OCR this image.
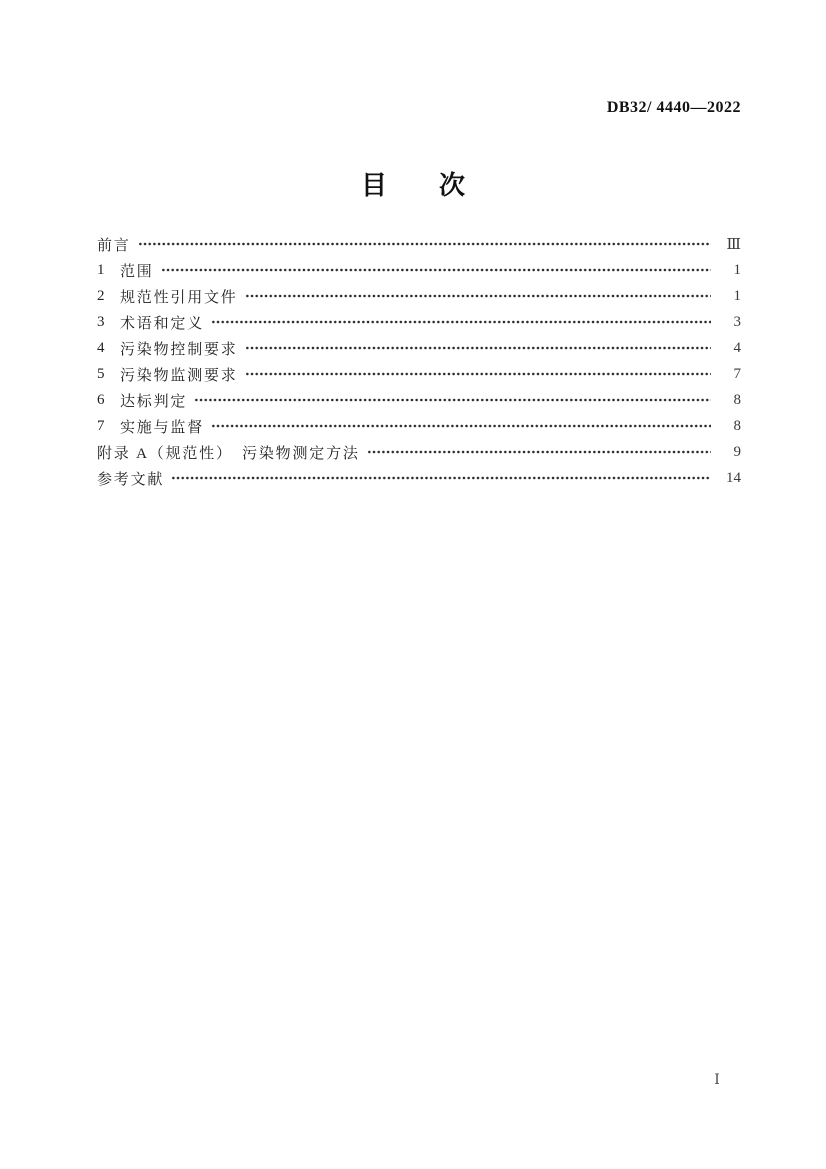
DB32/ 4440—2022
目　　次
前言	Ⅲ
1	范围	1
2	规范性引用文件	1
3	术语和定义	3
4	污染物控制要求	4
5	污染物监测要求	7
6	达标判定	8
7	实施与监督	8
附录 A（规范性）　污染物测定方法	9
参考文献	14
Ⅰ
